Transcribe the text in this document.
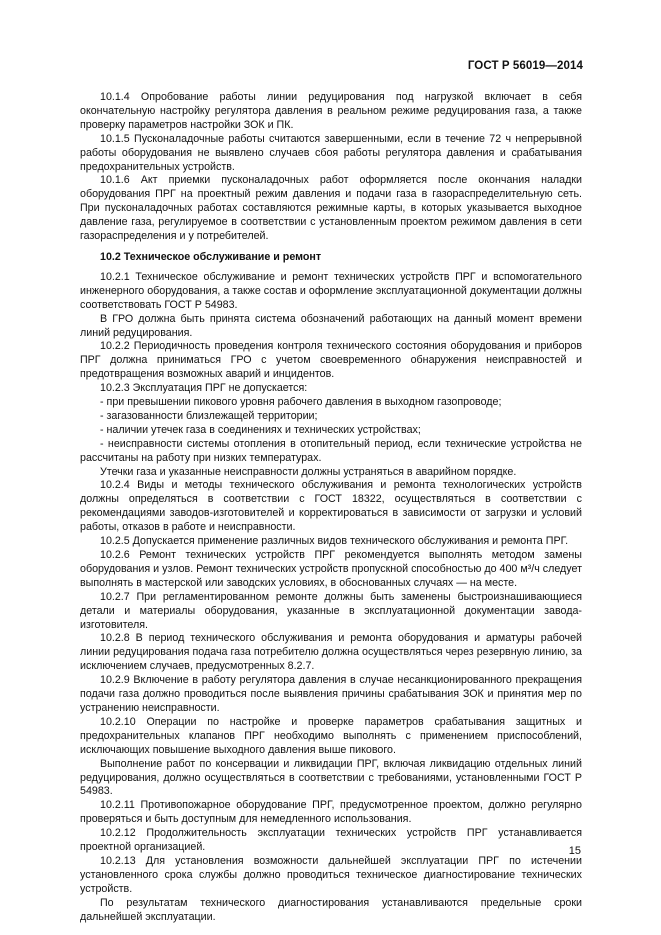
ГОСТ Р 56019—2014

10.1.4 Опробование работы линии редуцирования под нагрузкой включает в себя окончательную настройку регулятора давления в реальном режиме редуцирования газа, а также проверку параметров настройки ЗОК и ПК.

10.1.5 Пусконаладочные работы считаются завершенными, если в течение 72 ч непрерывной работы оборудования не выявлено случаев сбоя работы регулятора давления и срабатывания предохранительных устройств.

10.1.6 Акт приемки пусконаладочных работ оформляется после окончания наладки оборудования ПРГ на проектный режим давления и подачи газа в газораспределительную сеть. При пусконаладочных работах составляются режимные карты, в которых указывается выходное давление газа, регулируемое в соответствии с установленным проектом режимом давления в сети газораспределения и у потребителей.

10.2 Техническое обслуживание и ремонт

10.2.1 Техническое обслуживание и ремонт технических устройств ПРГ и вспомогательного инженерного оборудования, а также состав и оформление эксплуатационной документации должны соответствовать ГОСТ Р 54983.

В ГРО должна быть принята система обозначений работающих на данный момент времени линий редуцирования.

10.2.2 Периодичность проведения контроля технического состояния оборудования и приборов ПРГ должна приниматься ГРО с учетом своевременного обнаружения неисправностей и предотвращения возможных аварий и инцидентов.

10.2.3 Эксплуатация ПРГ не допускается:

- при превышении пикового уровня рабочего давления в выходном газопроводе;

- загазованности близлежащей территории;

- наличии утечек газа в соединениях и технических устройствах;

- неисправности системы отопления в отопительный период, если технические устройства не рассчитаны на работу при низких температурах.

Утечки газа и указанные неисправности должны устраняться в аварийном порядке.

10.2.4 Виды и методы технического обслуживания и ремонта технологических устройств должны определяться в соответствии с ГОСТ 18322, осуществляться в соответствии с рекомендациями заводов-изготовителей и корректироваться в зависимости от загрузки и условий работы, отказов в работе и неисправности.

10.2.5 Допускается применение различных видов технического обслуживания и ремонта ПРГ.

10.2.6 Ремонт технических устройств ПРГ рекомендуется выполнять методом замены оборудования и узлов. Ремонт технических устройств пропускной способностью до 400 м³/ч следует выполнять в мастерской или заводских условиях, в обоснованных случаях — на месте.

10.2.7 При регламентированном ремонте должны быть заменены быстроизнашивающиеся детали и материалы оборудования, указанные в эксплуатационной документации завода-изготовителя.

10.2.8 В период технического обслуживания и ремонта оборудования и арматуры рабочей линии редуцирования подача газа потребителю должна осуществляться через резервную линию, за исключением случаев, предусмотренных 8.2.7.

10.2.9 Включение в работу регулятора давления в случае несанкционированного прекращения подачи газа должно проводиться после выявления причины срабатывания ЗОК и принятия мер по устранению неисправности.

10.2.10 Операции по настройке и проверке параметров срабатывания защитных и предохранительных клапанов ПРГ необходимо выполнять с применением приспособлений, исключающих повышение выходного давления выше пикового.

Выполнение работ по консервации и ликвидации ПРГ, включая ликвидацию отдельных линий редуцирования, должно осуществляться в соответствии с требованиями, установленными ГОСТ Р 54983.

10.2.11 Противопожарное оборудование ПРГ, предусмотренное проектом, должно регулярно проверяться и быть доступным для немедленного использования.

10.2.12 Продолжительность эксплуатации технических устройств ПРГ устанавливается проектной организацией.

10.2.13 Для установления возможности дальнейшей эксплуатации ПРГ по истечении установленного срока службы должно проводиться техническое диагностирование технических устройств.

По результатам технического диагностирования устанавливаются предельные сроки дальнейшей эксплуатации.

15
